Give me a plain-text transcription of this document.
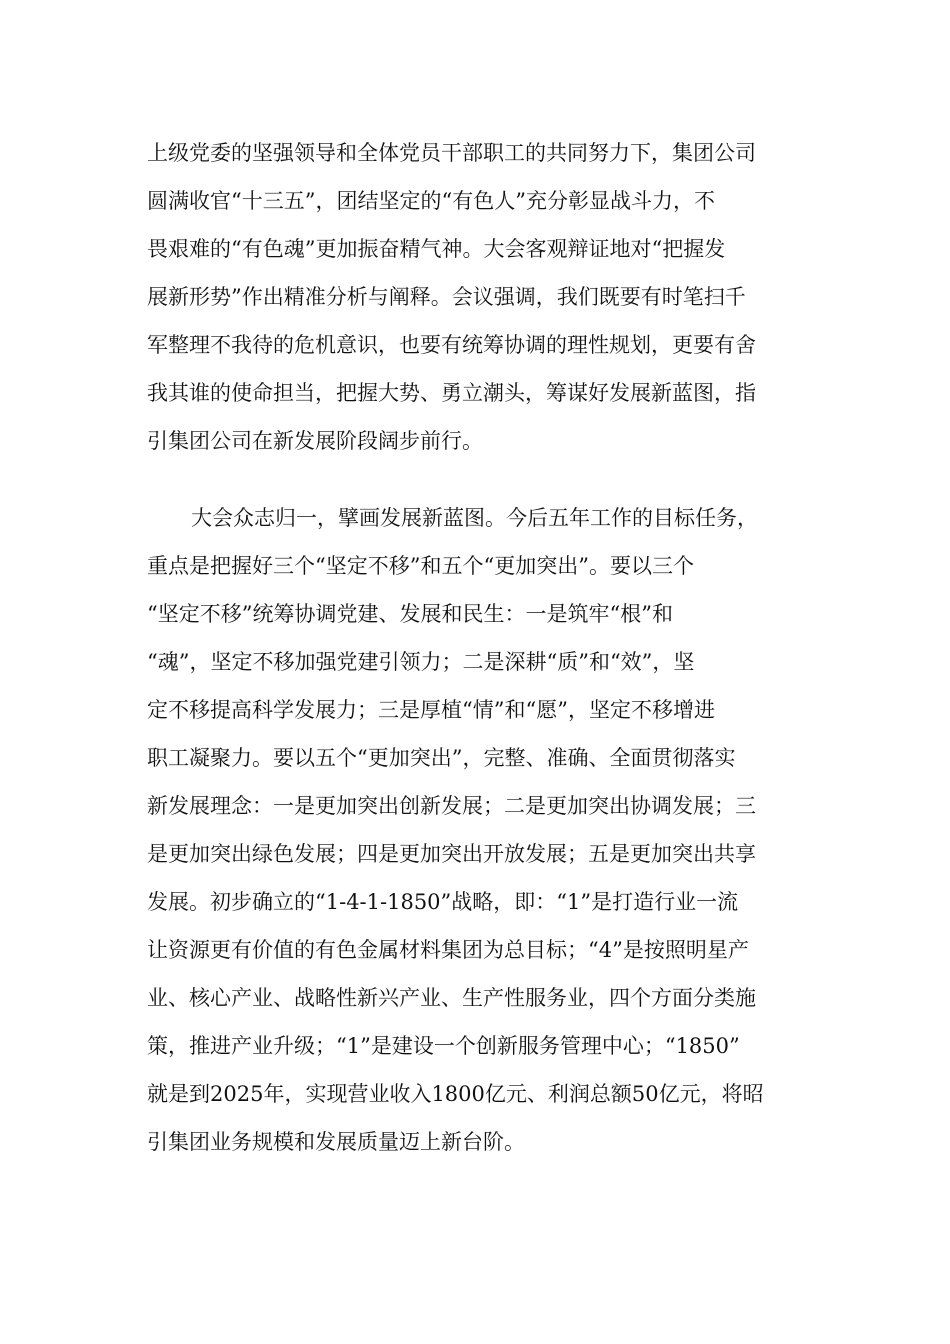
上级党委的坚强领导和全体党员干部职工的共同努力下，集团公司
圆满收官“十三五”，团结坚定的“有色人”充分彰显战斗力，不
畏艰难的“有色魂”更加振奋精气神。大会客观辩证地对“把握发
展新形势”作出精准分析与阐释。会议强调，我们既要有时笔扫千
军整理不我待的危机意识，也要有统筹协调的理性规划，更要有舍
我其谁的使命担当，把握大势、勇立潮头，筹谋好发展新蓝图，指
引集团公司在新发展阶段阔步前行。
大会众志归一，擘画发展新蓝图。今后五年工作的目标任务，
重点是把握好三个“坚定不移”和五个“更加突出”。要以三个
“坚定不移”统筹协调党建、发展和民生：一是筑牢“根”和
“魂”，坚定不移加强党建引领力；二是深耕“质”和“效”，坚
定不移提高科学发展力；三是厚植“情”和“愿”，坚定不移增进
职工凝聚力。要以五个“更加突出”，完整、准确、全面贯彻落实
新发展理念：一是更加突出创新发展；二是更加突出协调发展；三
是更加突出绿色发展；四是更加突出开放发展；五是更加突出共享
发展。初步确立的“1-4-1-1850”战略，即：“1”是打造行业一流
让资源更有价值的有色金属材料集团为总目标；“4”是按照明星产
业、核心产业、战略性新兴产业、生产性服务业，四个方面分类施
策，推进产业升级；“1”是建设一个创新服务管理中心；“1850”
就是到2025年，实现营业收入1800亿元、利润总额50亿元，将昭
引集团业务规模和发展质量迈上新台阶。
